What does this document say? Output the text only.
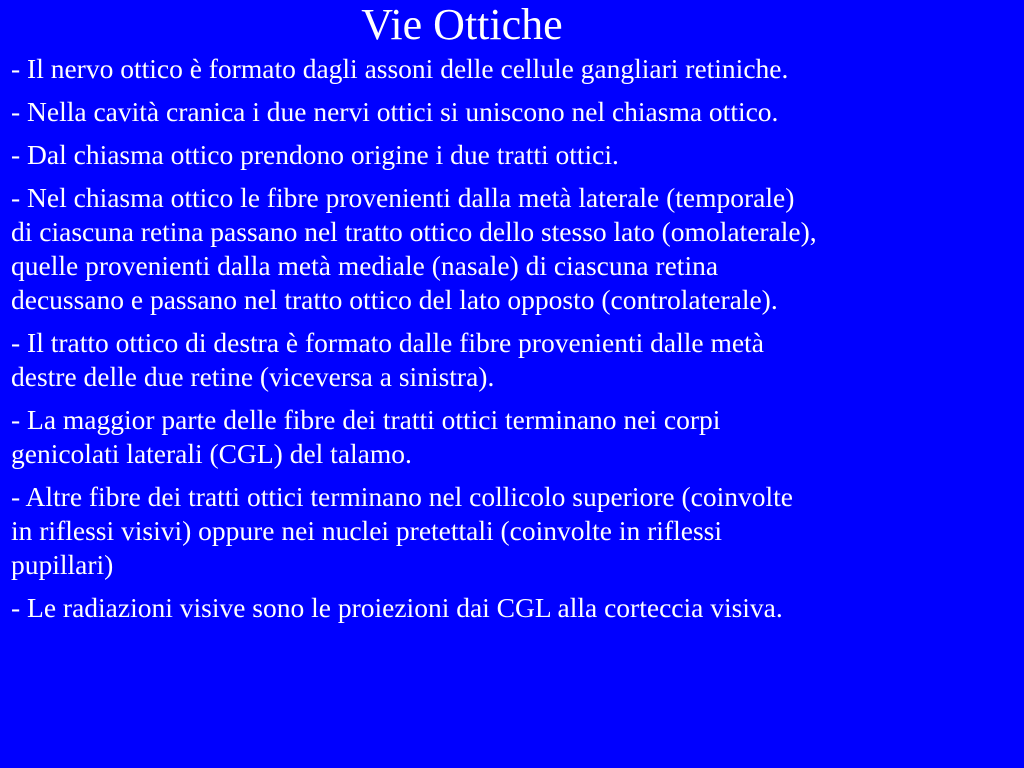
Vie Ottiche
- Il nervo ottico è formato dagli assoni delle cellule gangliari retiniche.
- Nella cavità cranica i due nervi ottici si uniscono nel chiasma ottico.
- Dal chiasma ottico prendono origine i due tratti ottici.
- Nel chiasma ottico le fibre provenienti dalla metà laterale (temporale)
di ciascuna retina passano nel tratto ottico dello stesso lato (omolaterale),
quelle provenienti dalla metà mediale (nasale) di ciascuna retina
decussano e passano nel tratto ottico del lato opposto (controlaterale).
- Il tratto ottico di destra è formato dalle fibre provenienti dalle metà
destre delle due retine (viceversa a sinistra).
- La maggior parte delle fibre dei tratti ottici terminano nei corpi
genicolati laterali (CGL) del talamo.
- Altre fibre dei tratti ottici terminano nel collicolo superiore (coinvolte
in riflessi visivi) oppure nei nuclei pretettali (coinvolte in riflessi
pupillari)
- Le radiazioni visive sono le proiezioni dai CGL alla corteccia visiva.
